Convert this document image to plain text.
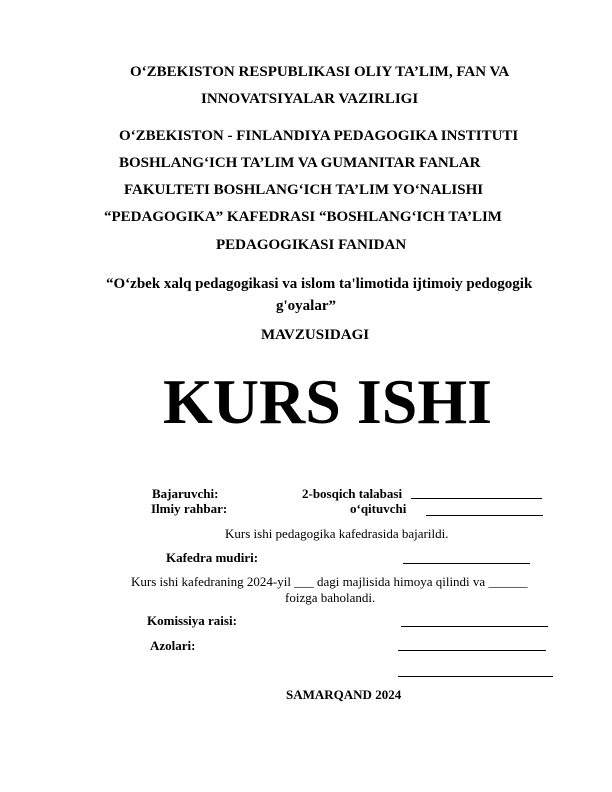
O‘ZBEKISTON RESPUBLIKASI OLIY TA’LIM, FAN VA
INNOVATSIYALAR VAZIRLIGI
O‘ZBEKISTON - FINLANDIYA PEDAGOGIKA INSTITUTI
BOSHLANG‘ICH TA’LIM VA GUMANITAR FANLAR
FAKULTETI BOSHLANG‘ICH TA’LIM YO‘NALISHI
“PEDAGOGIKA” KAFEDRASI “BOSHLANG‘ICH TA’LIM
PEDAGOGIKASI FANIDAN
“O‘zbek xalq pedagogikasi va islom ta'limotida ijtimoiy pedogogik
g'oyalar”
MAVZUSIDAGI
KURS ISHI
Bajaruvchi:	2-bosqich talabasi
Ilmiy rahbar:	o‘qituvchi
Kurs ishi pedagogika kafedrasida bajarildi.
Kafedra mudiri:
Kurs ishi kafedraning 2024-yil ___ dagi majlisida himoya qilindi va ______
foizga baholandi.
Komissiya raisi:
Azolari:
SAMARQAND 2024
